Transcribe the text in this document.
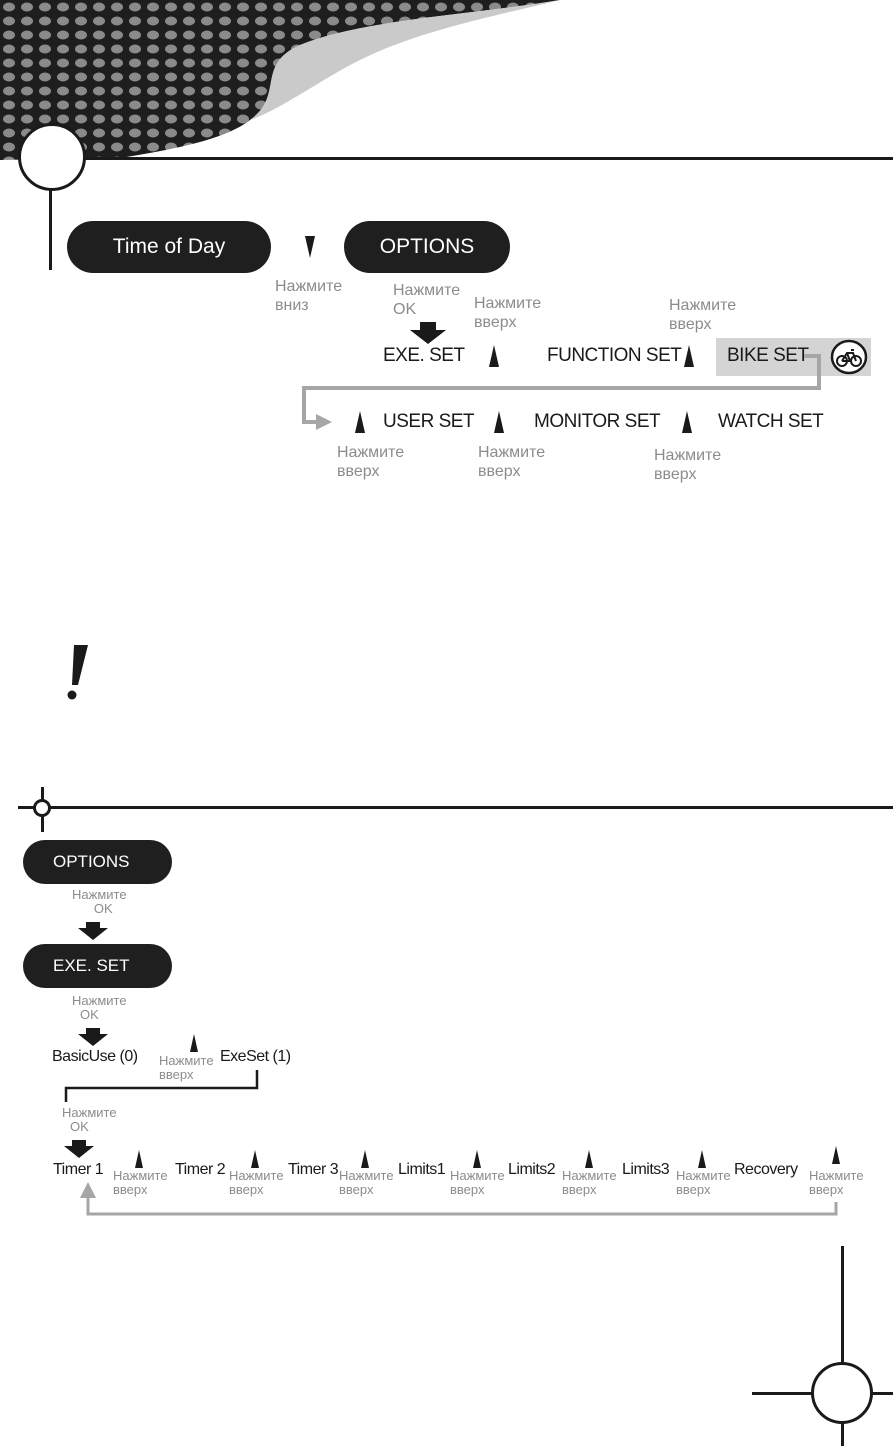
Time of Day
Нажмите
вниз
OPTIONS
Нажмите
OK
EXE. SET
Нажмите
вверх
FUNCTION SET
Нажмите
вверх
BIKE SET
USER SET
Нажмите
вверх
MONITOR SET
Нажмите
вверх
WATCH SET
Нажмите
вверх
OPTIONS
Нажмите
OK
EXE. SET
Нажмите
OK
BasicUse (0) Нажмите
вверх
ExeSet (1)
Нажмите
OK
Timer 1 Нажмите
вверх
Timer 2 Нажмите
вверх
Timer 3 Нажмите
вверх
Limits1 Нажмите
вверх
Limits2 Нажмите
вверх
Limits3 Нажмите
вверх
Recovery Нажмите
вверх
